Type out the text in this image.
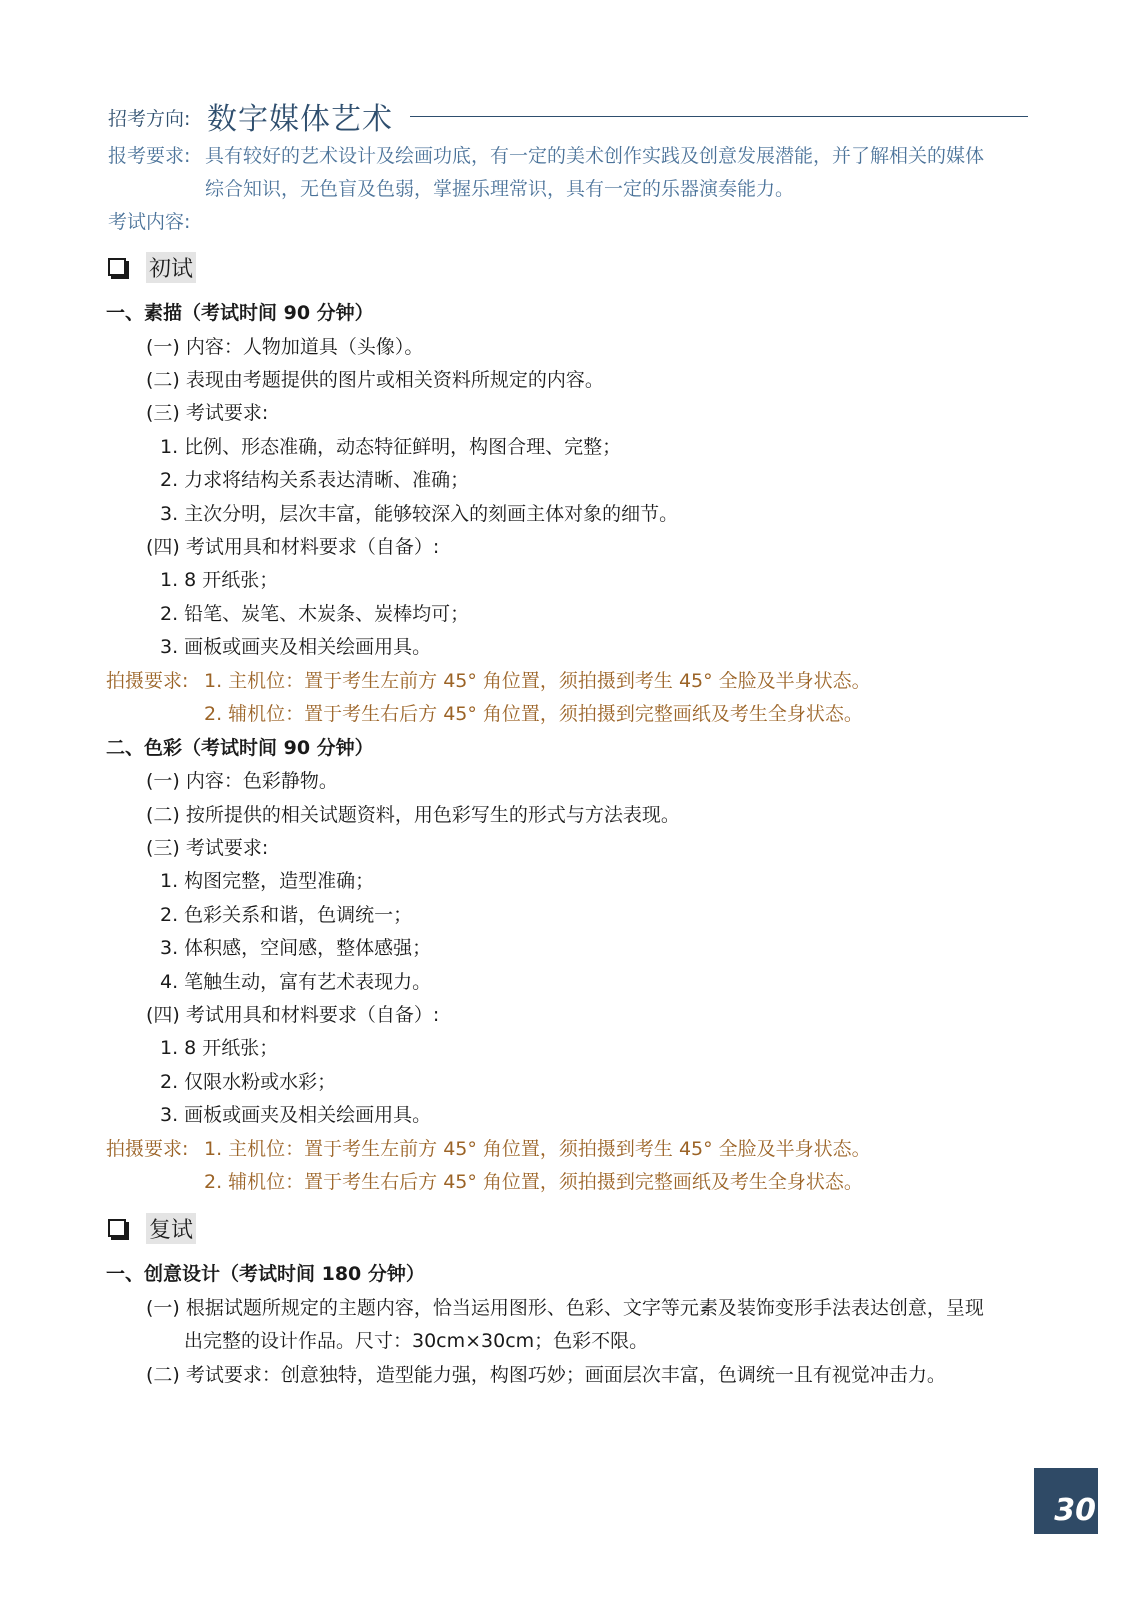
招考方向: 数字媒体艺术
报考要求: 具有较好的艺术设计及绘画功底，有一定的美术创作实践及创意发展潜能，并了解相关的媒体
综合知识，无色盲及色弱，掌握乐理常识，具有一定的乐器演奏能力。
考试内容:
初试
一、素描（考试时间 90 分钟）
(一) 内容：人物加道具（头像）。
(二) 表现由考题提供的图片或相关资料所规定的内容。
(三) 考试要求:
1. 比例、形态准确，动态特征鲜明，构图合理、完整；
2. 力求将结构关系表达清晰、准确；
3. 主次分明，层次丰富，能够较深入的刻画主体对象的细节。
(四) 考试用具和材料要求（自备）:
1. 8 开纸张；
2. 铅笔、炭笔、木炭条、炭棒均可；
3. 画板或画夹及相关绘画用具。
拍摄要求: 1. 主机位：置于考生左前方 45° 角位置，须拍摄到考生 45° 全脸及半身状态。
2. 辅机位：置于考生右后方 45° 角位置，须拍摄到完整画纸及考生全身状态。
二、色彩（考试时间 90 分钟）
(一) 内容：色彩静物。
(二) 按所提供的相关试题资料，用色彩写生的形式与方法表现。
(三) 考试要求:
1. 构图完整，造型准确；
2. 色彩关系和谐，色调统一；
3. 体积感，空间感，整体感强；
4. 笔触生动，富有艺术表现力。
(四) 考试用具和材料要求（自备）:
1. 8 开纸张；
2. 仅限水粉或水彩；
3. 画板或画夹及相关绘画用具。
拍摄要求: 1. 主机位：置于考生左前方 45° 角位置，须拍摄到考生 45° 全脸及半身状态。
2. 辅机位：置于考生右后方 45° 角位置，须拍摄到完整画纸及考生全身状态。
复试
一、创意设计（考试时间 180 分钟）
(一) 根据试题所规定的主题内容，恰当运用图形、色彩、文字等元素及装饰变形手法表达创意，呈现
出完整的设计作品。尺寸：30cm×30cm；色彩不限。
(二) 考试要求：创意独特，造型能力强，构图巧妙；画面层次丰富，色调统一且有视觉冲击力。
30
